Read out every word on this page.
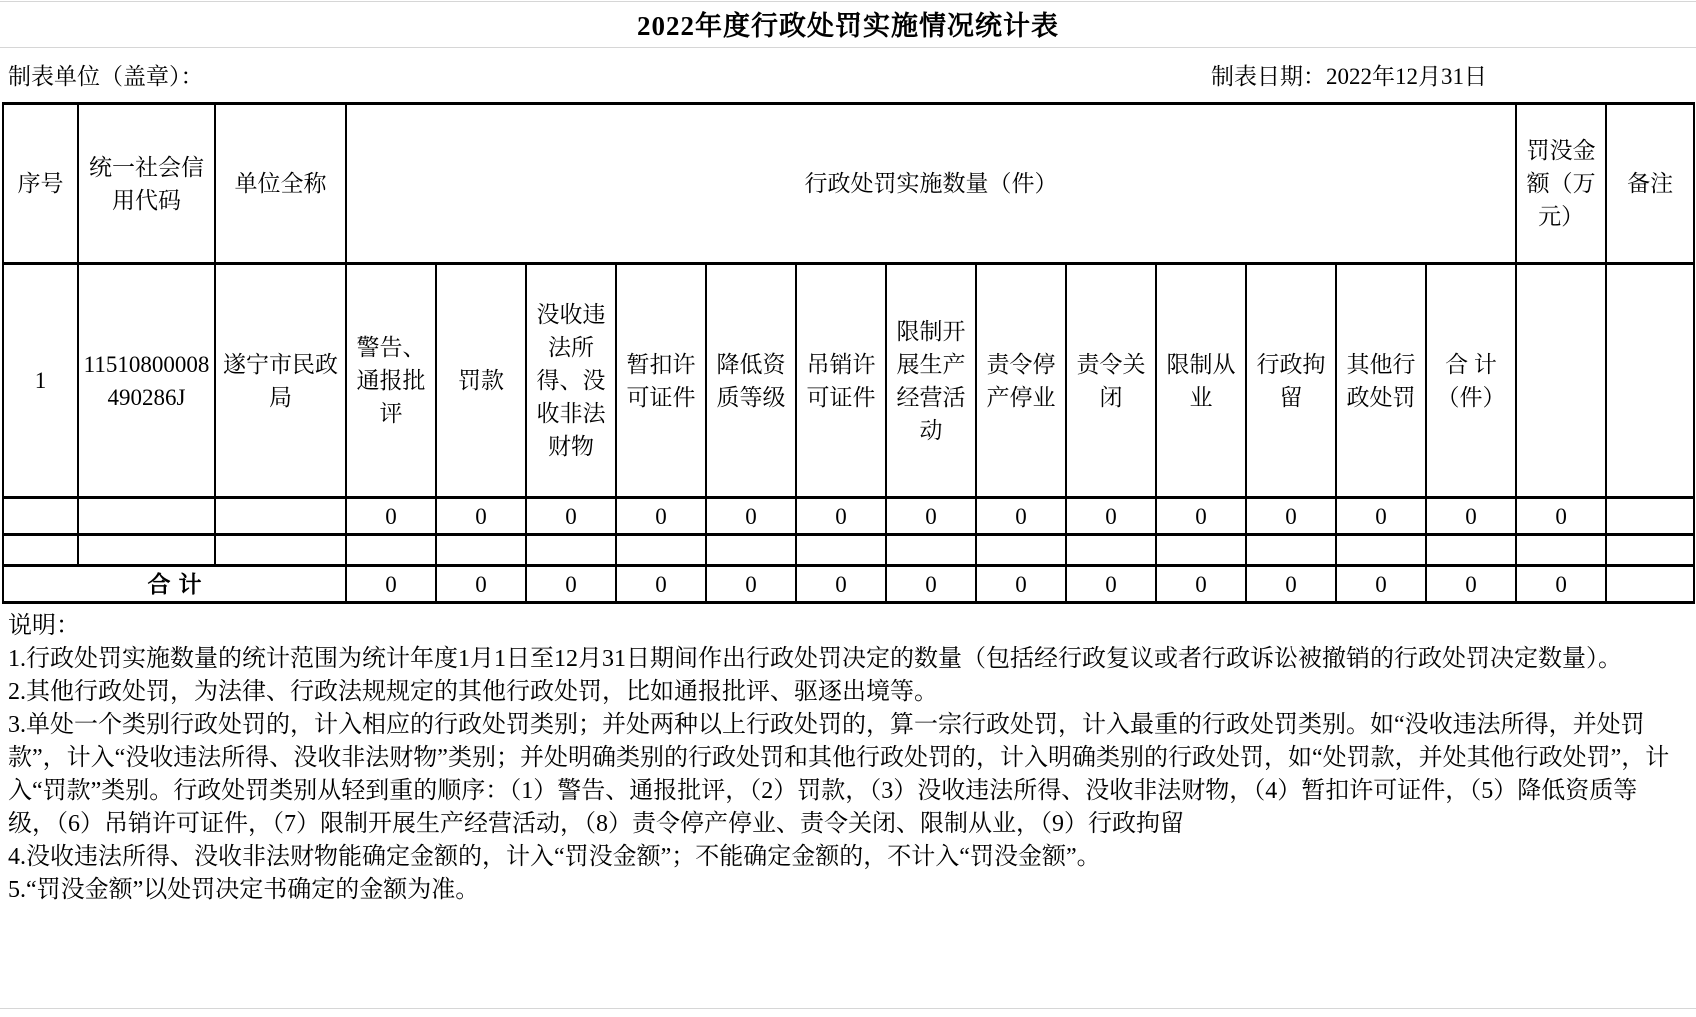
2022年度行政处罚实施情况统计表
制表单位（盖章）：	制表日期：2022年12月31日
序号	统一社会信用代码	单位全称	行政处罚实施数量（件）													罚没金额（万元）	备注
1	11510800008490286J	遂宁市民政局	警告、通报批评	罚款	没收违法所得、没收非法财物	暂扣许可证件	降低资质等级	吊销许可证件	限制开展生产经营活动	责令停产停业	责令关闭	限制从业	行政拘留	其他行政处罚	合 计（件）		
			0	0	0	0	0	0	0	0	0	0	0	0	0	0	

合计			0	0	0	0	0	0	0	0	0	0	0	0	0	0	

说明：

1.行政处罚实施数量的统计范围为统计年度1月1日至12月31日期间作出行政处罚决定的数量（包括经行政复议或者行政诉讼被撤销的行政处罚决定数量）。

2.其他行政处罚，为法律、行政法规规定的其他行政处罚，比如通报批评、驱逐出境等。

3.单处一个类别行政处罚的，计入相应的行政处罚类别；并处两种以上行政处罚的，算一宗行政处罚，计入最重的行政处罚类别。如“没收违法所得，并处罚款”，计入“没收违法所得、没收非法财物”类别；并处明确类别的行政处罚和其他行政处罚的，计入明确类别的行政处罚，如“处罚款，并处其他行政处罚”，计入“罚款”类别。行政处罚类别从轻到重的顺序：（1）警告、通报批评，（2）罚款，（3）没收违法所得、没收非法财物，（4）暂扣许可证件，（5）降低资质等级，（6）吊销许可证件，（7）限制开展生产经营活动，（8）责令停产停业、责令关闭、限制从业，（9）行政拘留

4.没收违法所得、没收非法财物能确定金额的，计入“罚没金额”；不能确定金额的，不计入“罚没金额”。

5.“罚没金额”以处罚决定书确定的金额为准。
